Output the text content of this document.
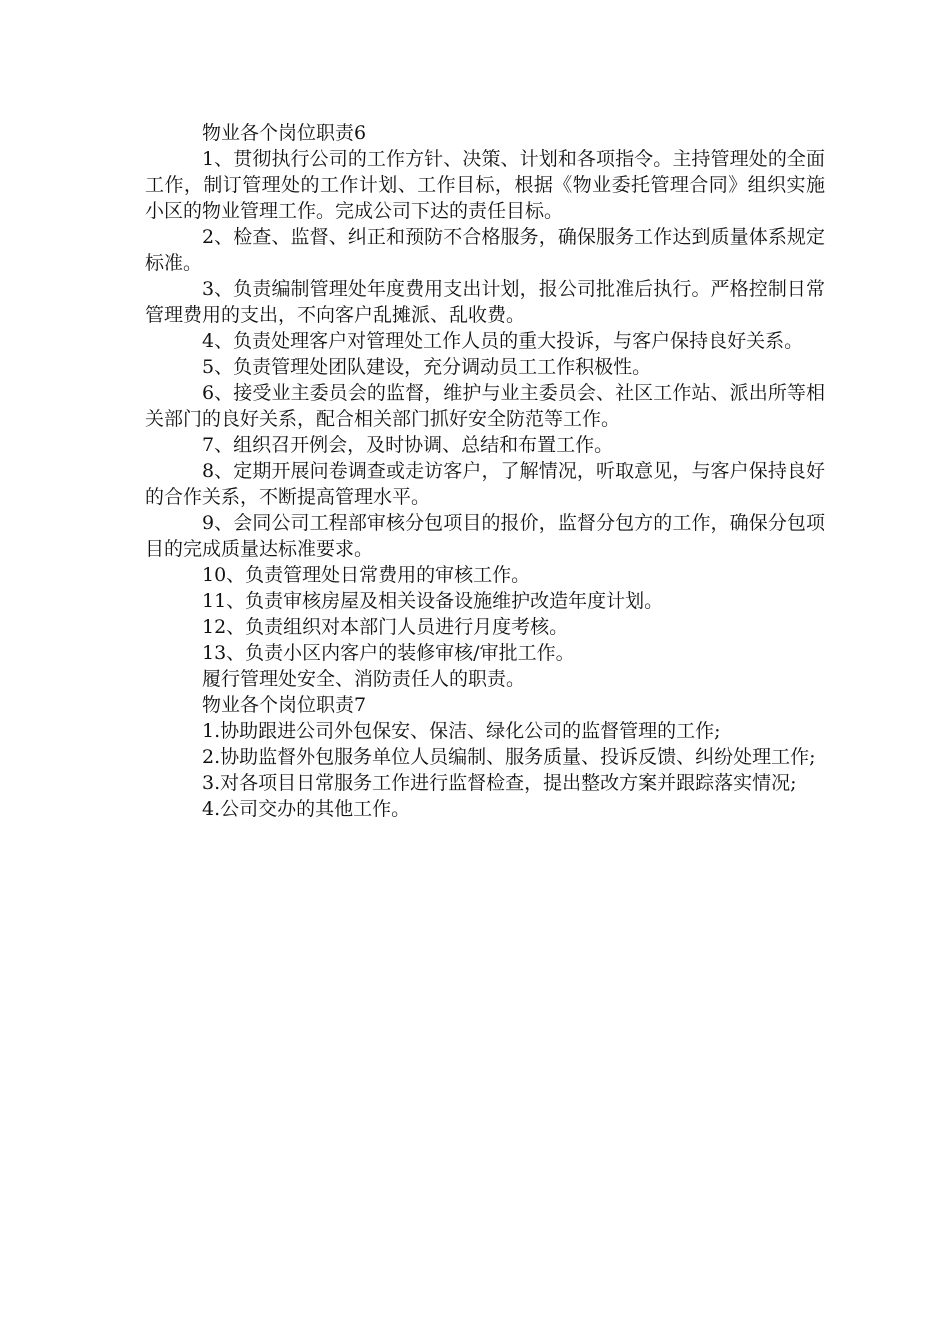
物业各个岗位职责6

1、贯彻执行公司的工作方针、决策、计划和各项指令。主持管理处的全面工作，制订管理处的工作计划、工作目标，根据《物业委托管理合同》组织实施小区的物业管理工作。完成公司下达的责任目标。

2、检查、监督、纠正和预防不合格服务，确保服务工作达到质量体系规定标准。

3、负责编制管理处年度费用支出计划，报公司批准后执行。严格控制日常管理费用的支出，不向客户乱摊派、乱收费。

4、负责处理客户对管理处工作人员的重大投诉，与客户保持良好关系。

5、负责管理处团队建设，充分调动员工工作积极性。

6、接受业主委员会的监督，维护与业主委员会、社区工作站、派出所等相关部门的良好关系，配合相关部门抓好安全防范等工作。

7、组织召开例会，及时协调、总结和布置工作。

8、定期开展问卷调查或走访客户，了解情况，听取意见，与客户保持良好的合作关系，不断提高管理水平。

9、会同公司工程部审核分包项目的报价，监督分包方的工作，确保分包项目的完成质量达标准要求。

10、负责管理处日常费用的审核工作。

11、负责审核房屋及相关设备设施维护改造年度计划。

12、负责组织对本部门人员进行月度考核。

13、负责小区内客户的装修审核/审批工作。

履行管理处安全、消防责任人的职责。

物业各个岗位职责7

1.协助跟进公司外包保安、保洁、绿化公司的监督管理的工作;

2.协助监督外包服务单位人员编制、服务质量、投诉反馈、纠纷处理工作;

3.对各项目日常服务工作进行监督检查，提出整改方案并跟踪落实情况;

4.公司交办的其他工作。
